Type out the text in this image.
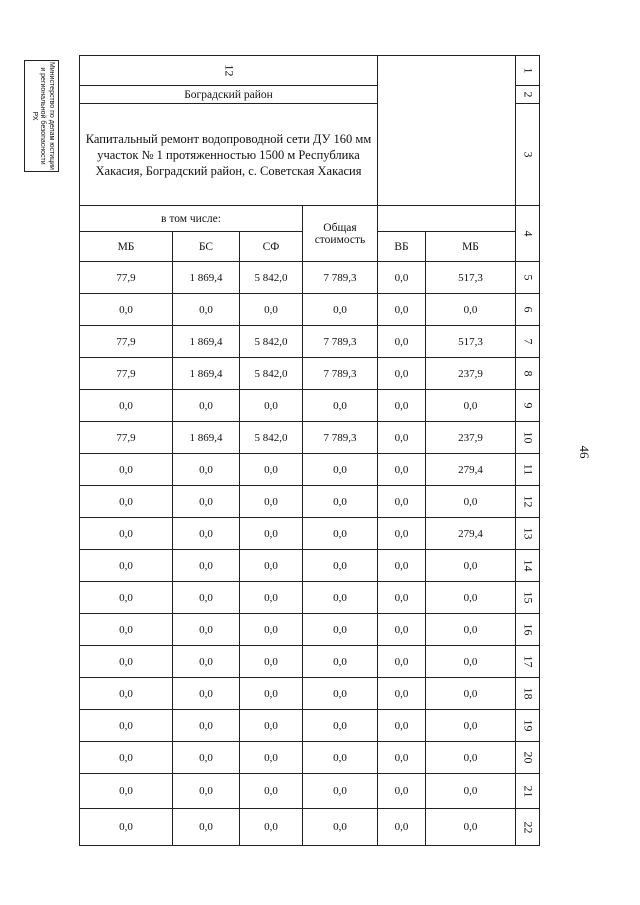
Министерство по делам юстиции и региональной безопасности РХ
46
12						1
Боградский район						2
Капитальный ремонт водопроводной сети ДУ 160 мм участок № 1 протяженностью 1500 м Республика Хакасия, Боградский район, с. Советская Хакасия						3
в том числе:			Общая стоимость			4
МБ	БС	СФ		ВБ	МБ	
77,9	1 869,4	5 842,0	7 789,3	0,0	517,3	5
0,0	0,0	0,0	0,0	0,0	0,0	6
77,9	1 869,4	5 842,0	7 789,3	0,0	517,3	7
77,9	1 869,4	5 842,0	7 789,3	0,0	237,9	8
0,0	0,0	0,0	0,0	0,0	0,0	9
77,9	1 869,4	5 842,0	7 789,3	0,0	237,9	10
0,0	0,0	0,0	0,0	0,0	279,4	11
0,0	0,0	0,0	0,0	0,0	0,0	12
0,0	0,0	0,0	0,0	0,0	279,4	13
0,0	0,0	0,0	0,0	0,0	0,0	14
0,0	0,0	0,0	0,0	0,0	0,0	15
0,0	0,0	0,0	0,0	0,0	0,0	16
0,0	0,0	0,0	0,0	0,0	0,0	17
0,0	0,0	0,0	0,0	0,0	0,0	18
0,0	0,0	0,0	0,0	0,0	0,0	19
0,0	0,0	0,0	0,0	0,0	0,0	20
0,0	0,0	0,0	0,0	0,0	0,0	21
0,0	0,0	0,0	0,0	0,0	0,0	22
